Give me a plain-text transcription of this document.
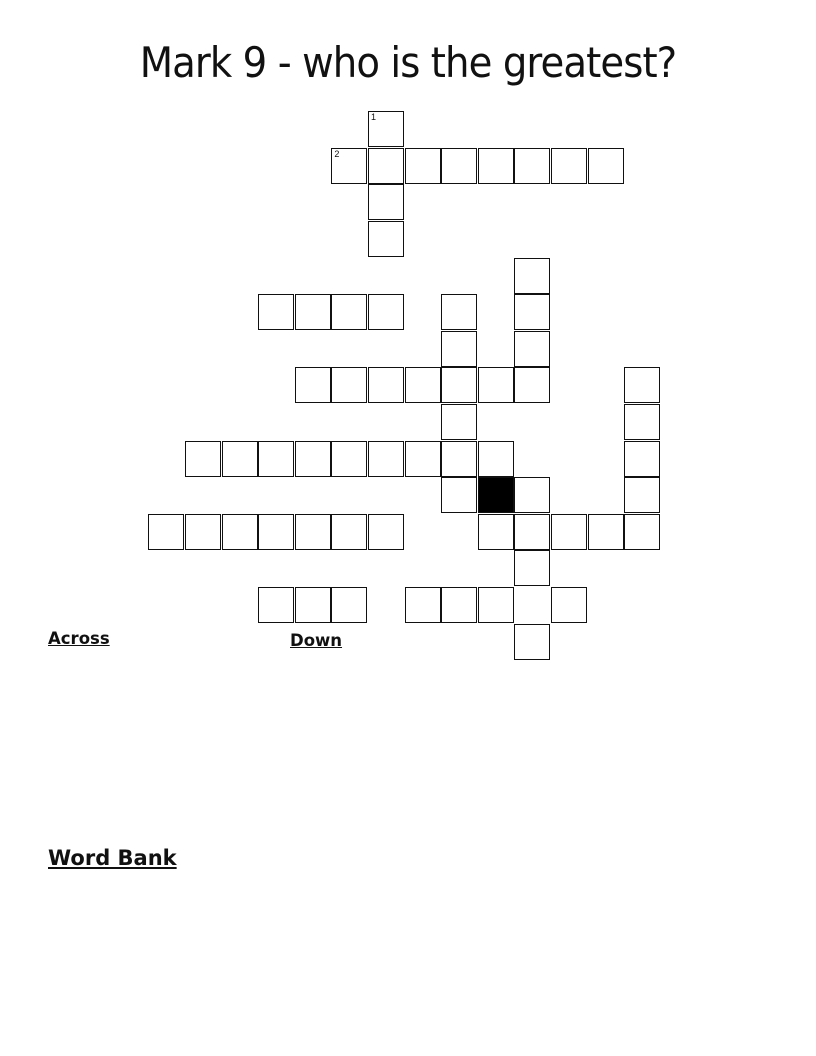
Mark 9 - who is the greatest?
1
2
Across	Down
Word Bank
